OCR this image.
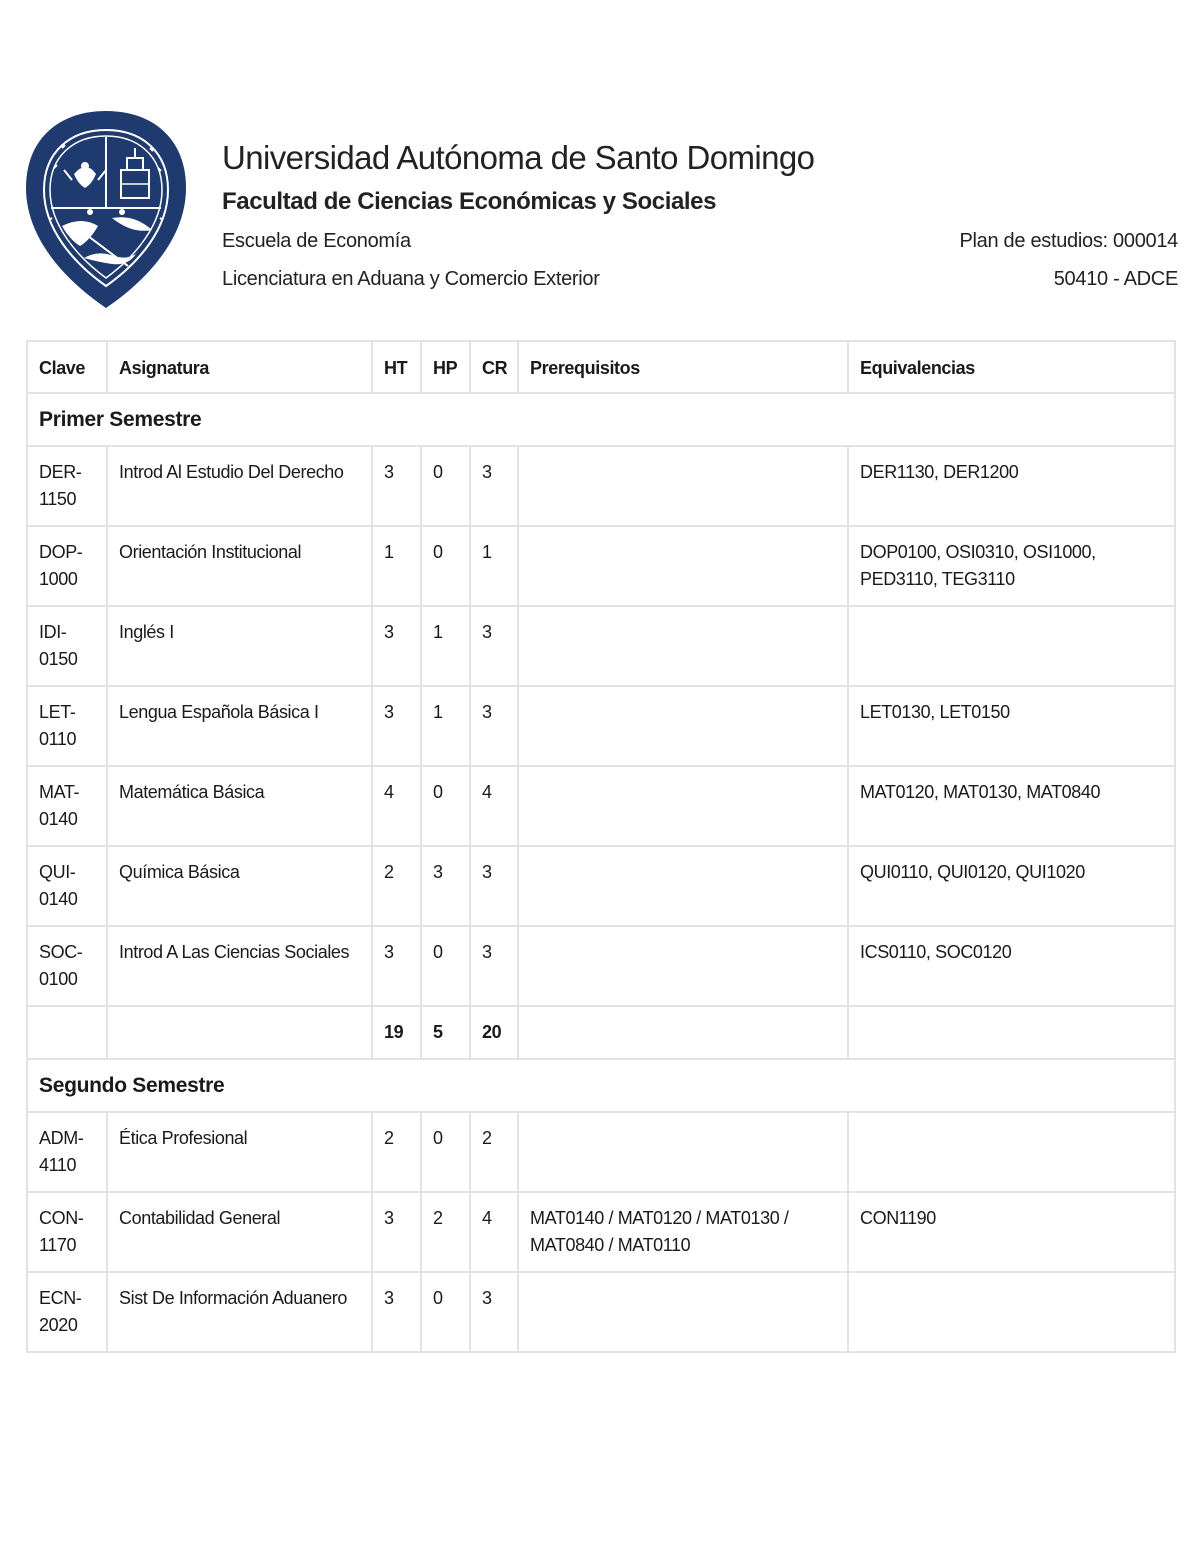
Universidad Autónoma de Santo Domingo
Facultad de Ciencias Económicas y Sociales
Escuela de Economía	Plan de estudios: 000014
Licenciatura en Aduana y Comercio Exterior	50410 - ADCE
Clave	Asignatura	HT	HP	CR	Prerequisitos	Equivalencias
Primer Semestre						
DER-1150	Introd Al Estudio Del Derecho	3	0	3		DER1130, DER1200
DOP-1000	Orientación Institucional	1	0	1		DOP0100, OSI0310, OSI1000, PED3110, TEG3110
IDI-0150	Inglés I	3	1	3		
LET-0110	Lengua Española Básica I	3	1	3		LET0130, LET0150
MAT-0140	Matemática Básica	4	0	4		MAT0120, MAT0130, MAT0840
QUI-0140	Química Básica	2	3	3		QUI0110, QUI0120, QUI1020
SOC-0100	Introd A Las Ciencias Sociales	3	0	3		ICS0110, SOC0120
		19	5	20		
Segundo Semestre						
ADM-4110	Ética Profesional	2	0	2		
CON-1170	Contabilidad General	3	2	4	MAT0140 / MAT0120 / MAT0130 / MAT0840 / MAT0110	CON1190
ECN-2020	Sist De Información Aduanero	3	0	3		
